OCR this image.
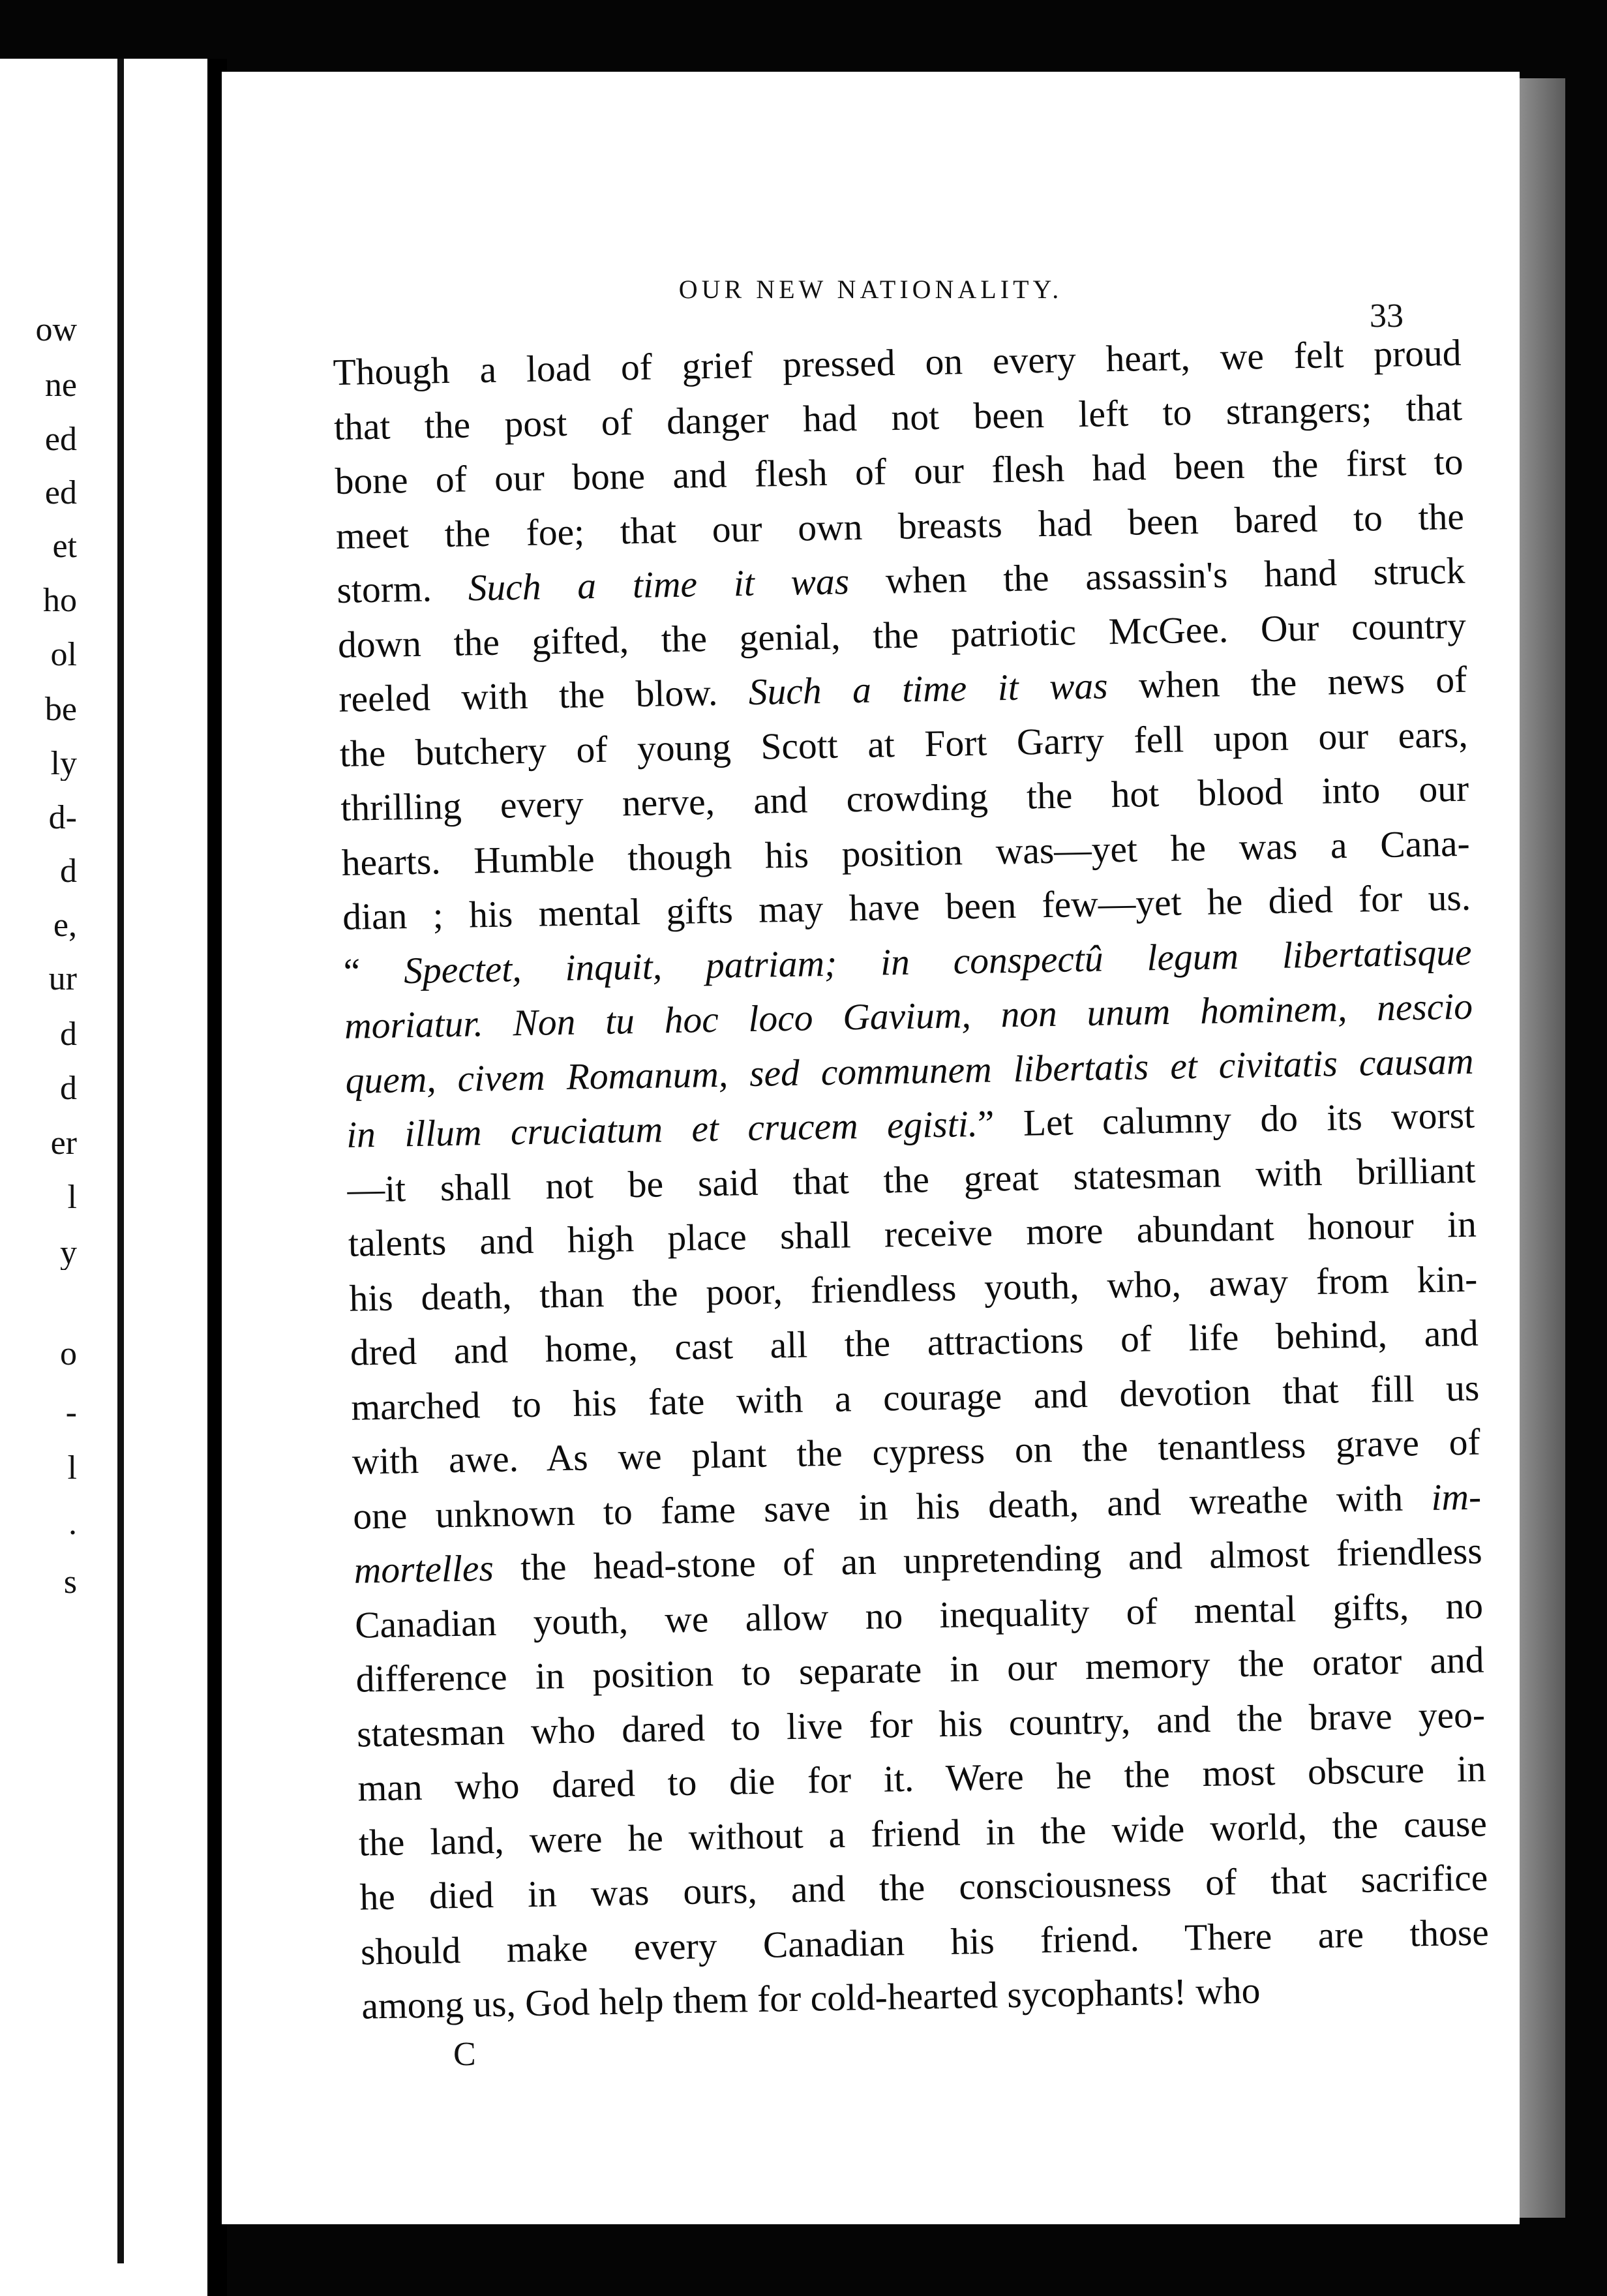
ow
ne
ed
ed
et
ho
ol
be
ly
d-
d
e,
ur
d
d
er
l
y
o
-
l
.
s
OUR NEW NATIONALITY.
33
Though a load of grief pressed on every heart, we felt proud
that the post of danger had not been left to strangers; that
bone of our bone and flesh of our flesh had been the first to
meet the foe; that our own breasts had been bared to the
storm. Such a time it was when the assassin's hand struck
down the gifted, the genial, the patriotic McGee. Our country
reeled with the blow. Such a time it was when the news of
the butchery of young Scott at Fort Garry fell upon our ears,
thrilling every nerve, and crowding the hot blood into our
hearts. Humble though his position was—yet he was a Cana-
dian ; his mental gifts may have been few—yet he died for us.
“ Spectet, inquit, patriam; in conspectû legum libertatisque
moriatur. Non tu hoc loco Gavium, non unum hominem, nescio
quem, civem Romanum, sed communem libertatis et civitatis causam
in illum cruciatum et crucem egisti.” Let calumny do its worst
—it shall not be said that the great statesman with brilliant
talents and high place shall receive more abundant honour in
his death, than the poor, friendless youth, who, away from kin-
dred and home, cast all the attractions of life behind, and
marched to his fate with a courage and devotion that fill us
with awe. As we plant the cypress on the tenantless grave of
one unknown to fame save in his death, and wreathe with im-
mortelles the head-stone of an unpretending and almost friendless
Canadian youth, we allow no inequality of mental gifts, no
difference in position to separate in our memory the orator and
statesman who dared to live for his country, and the brave yeo-
man who dared to die for it. Were he the most obscure in
the land, were he without a friend in the wide world, the cause
he died in was ours, and the consciousness of that sacrifice
should make every Canadian his friend. There are those
among us, God help them for cold-hearted sycophants! who
C
